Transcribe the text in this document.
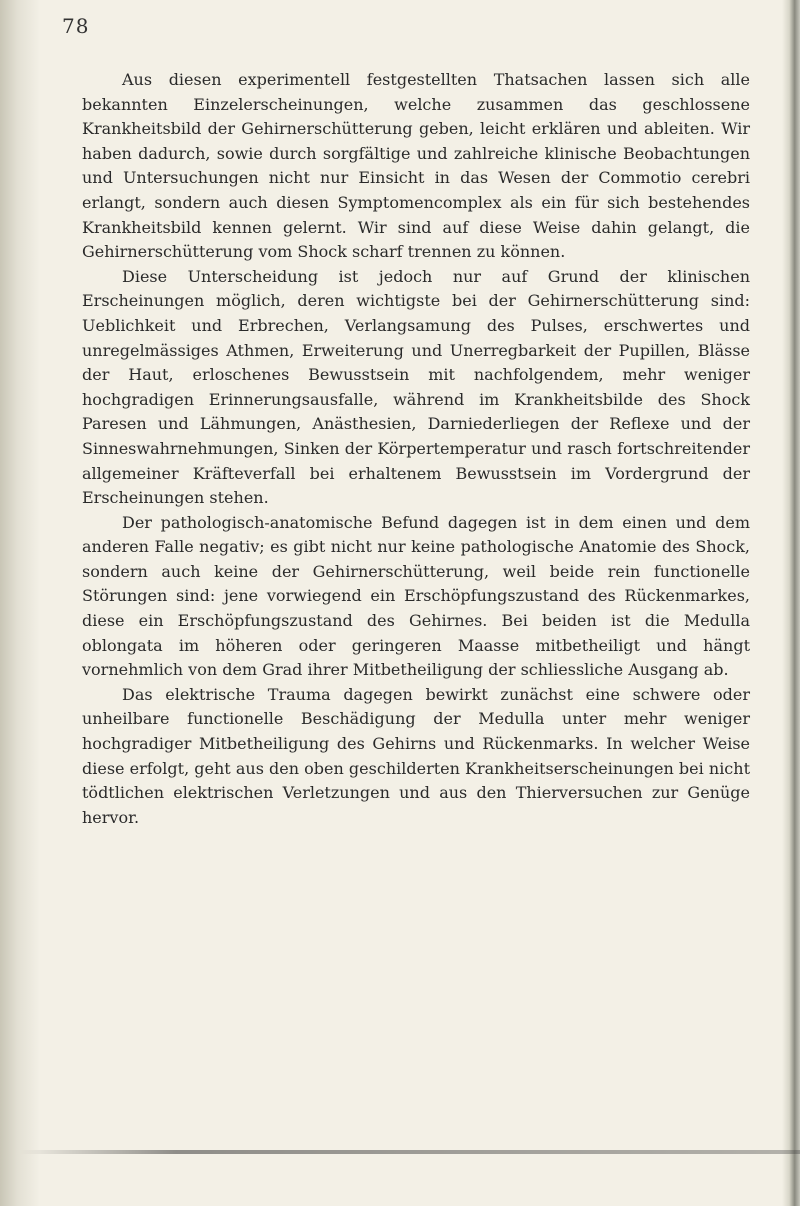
78

Aus diesen experimentell festgestellten Thatsachen lassen sich alle bekannten Einzelerscheinungen, welche zusammen das geschlossene Krankheitsbild der Gehirnerschütterung geben, leicht erklären und ableiten. Wir haben dadurch, sowie durch sorgfältige und zahlreiche klinische Beobachtungen und Untersuchungen nicht nur Einsicht in das Wesen der Commotio cerebri erlangt, sondern auch diesen Symptomencomplex als ein für sich bestehendes Krankheitsbild kennen gelernt. Wir sind auf diese Weise dahin gelangt, die Gehirnerschütterung vom Shock scharf trennen zu können.

Diese Unterscheidung ist jedoch nur auf Grund der klinischen Erscheinungen möglich, deren wichtigste bei der Gehirnerschütterung sind: Ueblichkeit und Erbrechen, Verlangsamung des Pulses, erschwertes und unregelmässiges Athmen, Erweiterung und Unerregbarkeit der Pupillen, Blässe der Haut, erloschenes Bewusstsein mit nachfolgendem, mehr weniger hochgradigen Erinnerungsausfalle, während im Krankheitsbilde des Shock Paresen und Lähmungen, Anästhesien, Darniederliegen der Reflexe und der Sinneswahrnehmungen, Sinken der Körpertemperatur und rasch fortschreitender allgemeiner Kräfteverfall bei erhaltenem Bewusstsein im Vordergrund der Erscheinungen stehen.

Der pathologisch-anatomische Befund dagegen ist in dem einen und dem anderen Falle negativ; es gibt nicht nur keine pathologische Anatomie des Shock, sondern auch keine der Gehirnerschütterung, weil beide rein functionelle Störungen sind: jene vorwiegend ein Erschöpfungszustand des Rückenmarkes, diese ein Erschöpfungszustand des Gehirnes. Bei beiden ist die Medulla oblongata im höheren oder geringeren Maasse mitbetheiligt und hängt vornehmlich von dem Grad ihrer Mitbetheiligung der schliessliche Ausgang ab.

Das elektrische Trauma dagegen bewirkt zunächst eine schwere oder unheilbare functionelle Beschädigung der Medulla unter mehr weniger hochgradiger Mitbetheiligung des Gehirns und Rückenmarks. In welcher Weise diese erfolgt, geht aus den oben geschilderten Krankheitserscheinungen bei nicht tödtlichen elektrischen Verletzungen und aus den Thierversuchen zur Genüge hervor.
